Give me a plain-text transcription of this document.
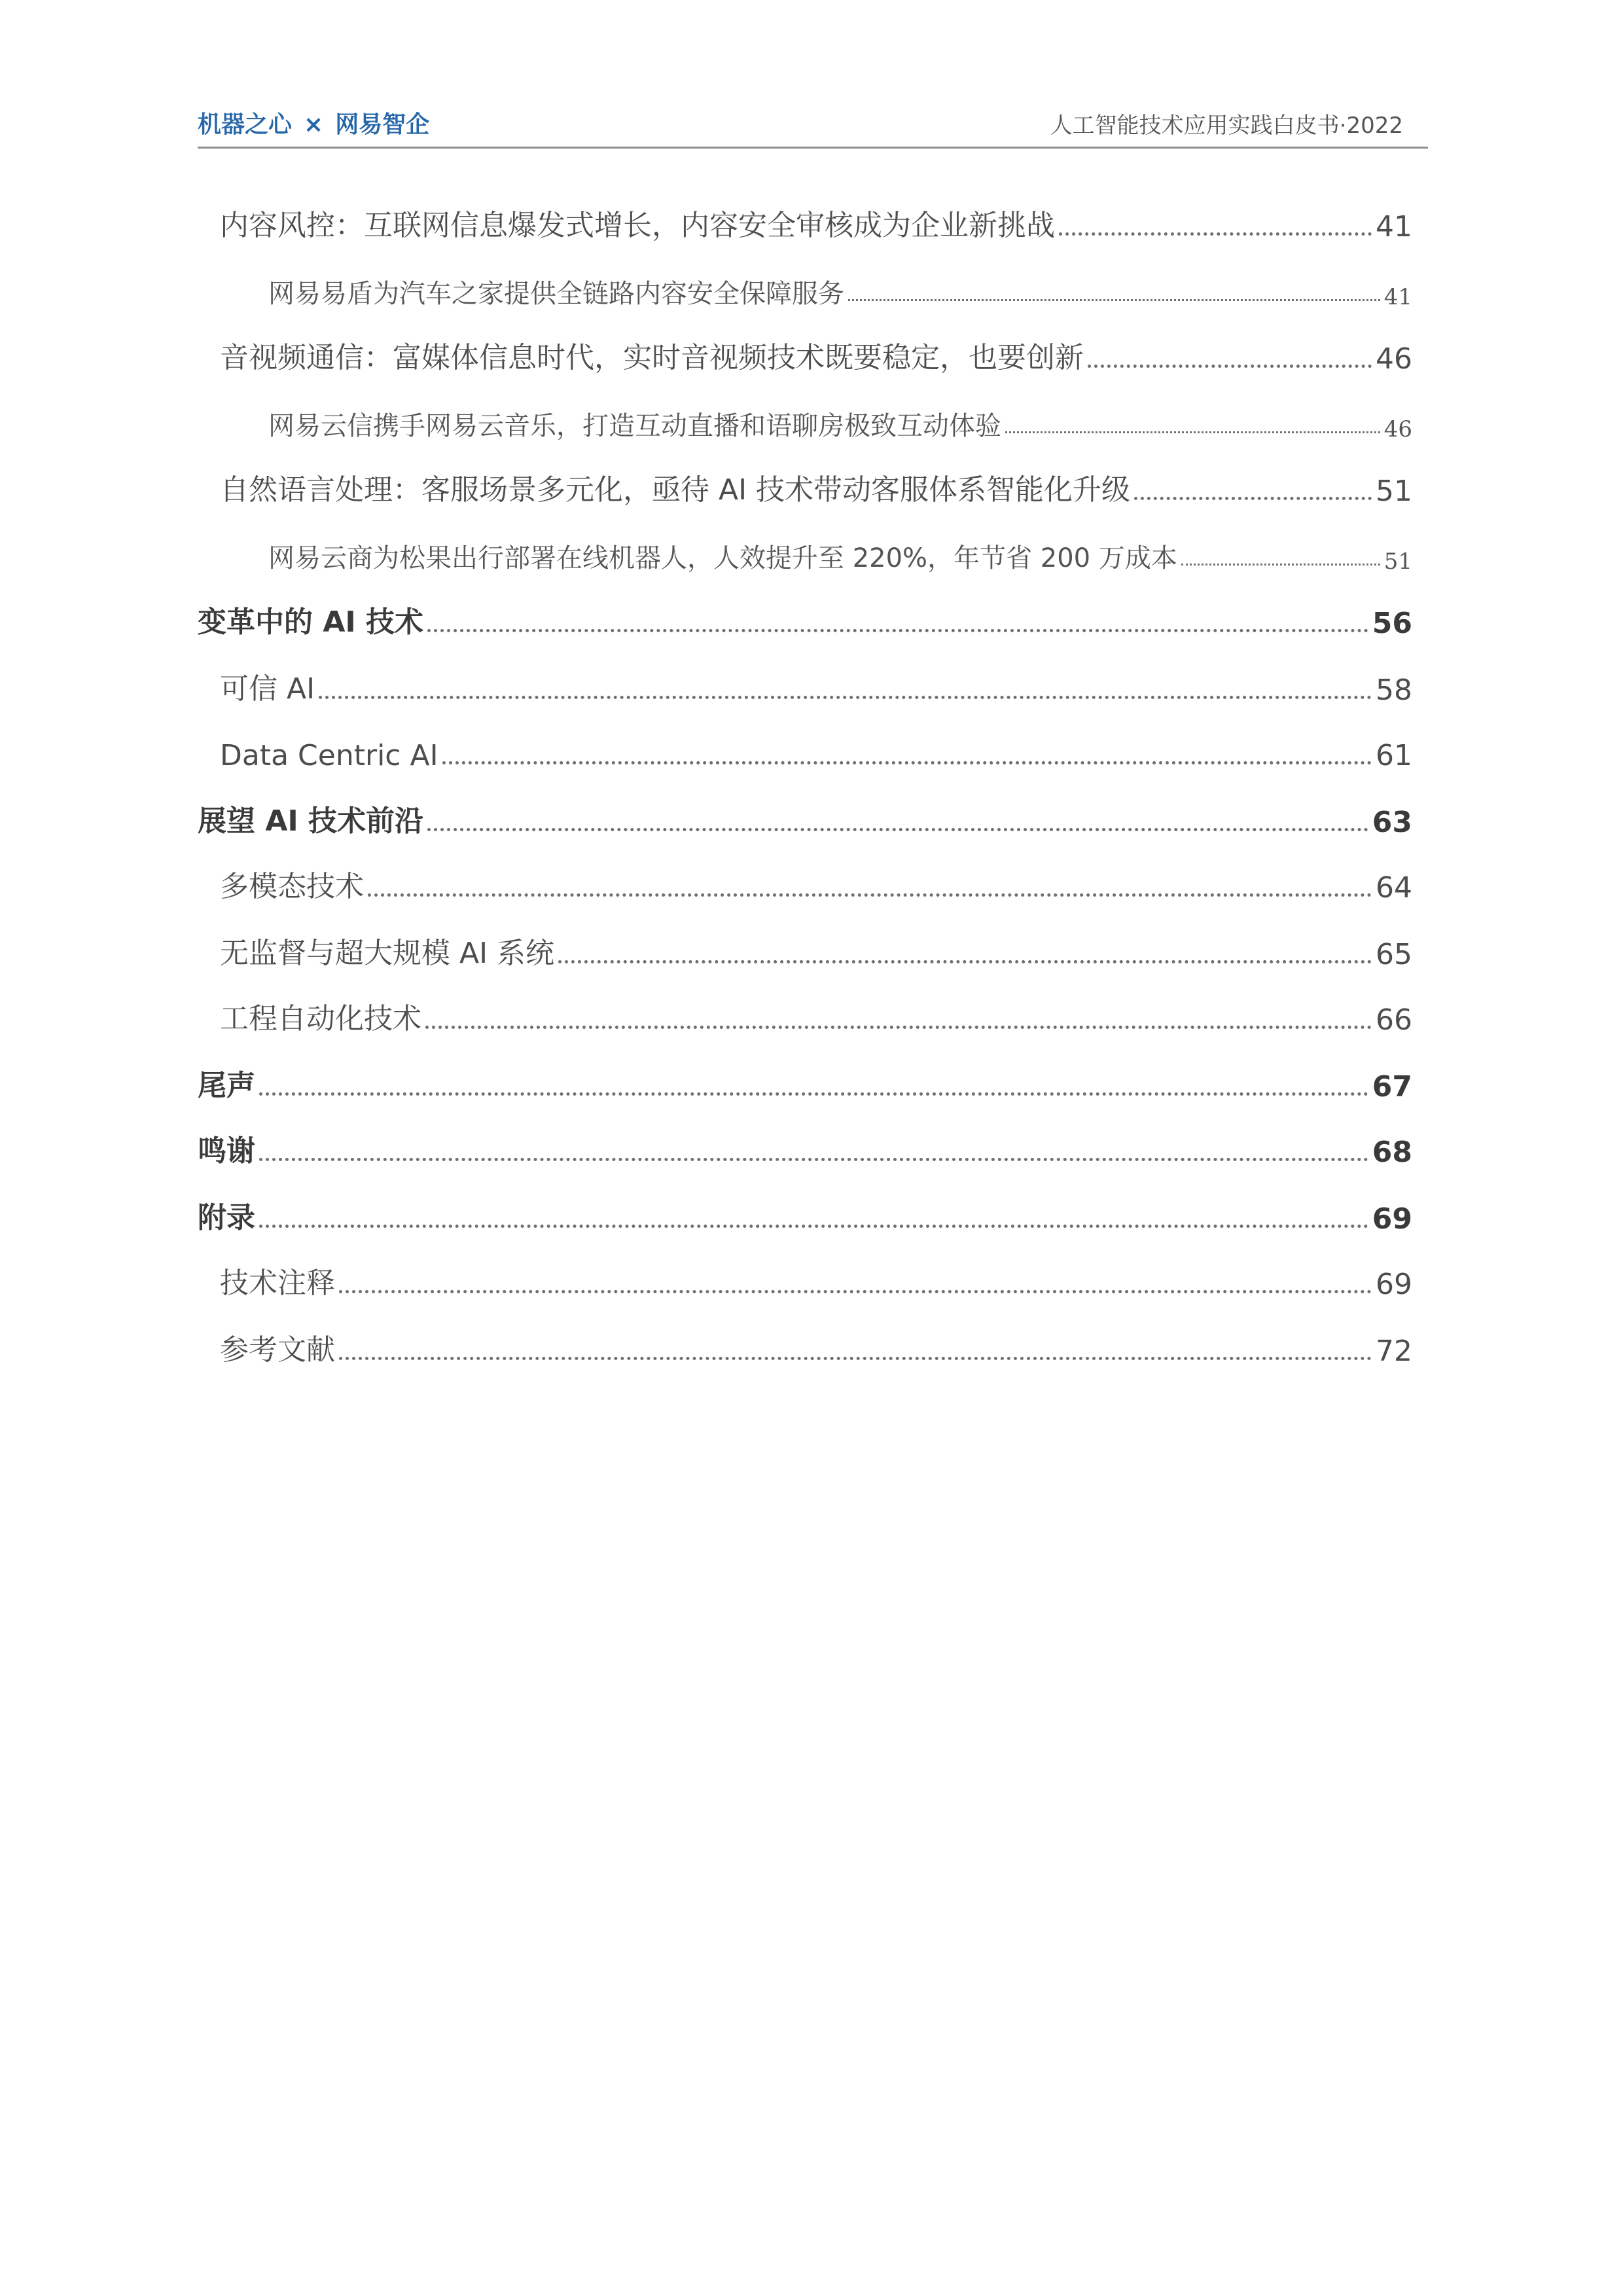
机器之心 × 网易智企	人工智能技术应用实践白皮书·2022
内容风控：互联网信息爆发式增长，内容安全审核成为企业新挑战	41
网易易盾为汽车之家提供全链路内容安全保障服务	41
音视频通信：富媒体信息时代，实时音视频技术既要稳定，也要创新	46
网易云信携手网易云音乐，打造互动直播和语聊房极致互动体验	46
自然语言处理：客服场景多元化，亟待 AI 技术带动客服体系智能化升级	51
网易云商为松果出行部署在线机器人，人效提升至 220%，年节省 200 万成本	51
变革中的 AI 技术	56
可信 AI	58
Data Centric AI	61
展望 AI 技术前沿	63
多模态技术	64
无监督与超大规模 AI 系统	65
工程自动化技术	66
尾声	67
鸣谢	68
附录	69
技术注释	69
参考文献	72
